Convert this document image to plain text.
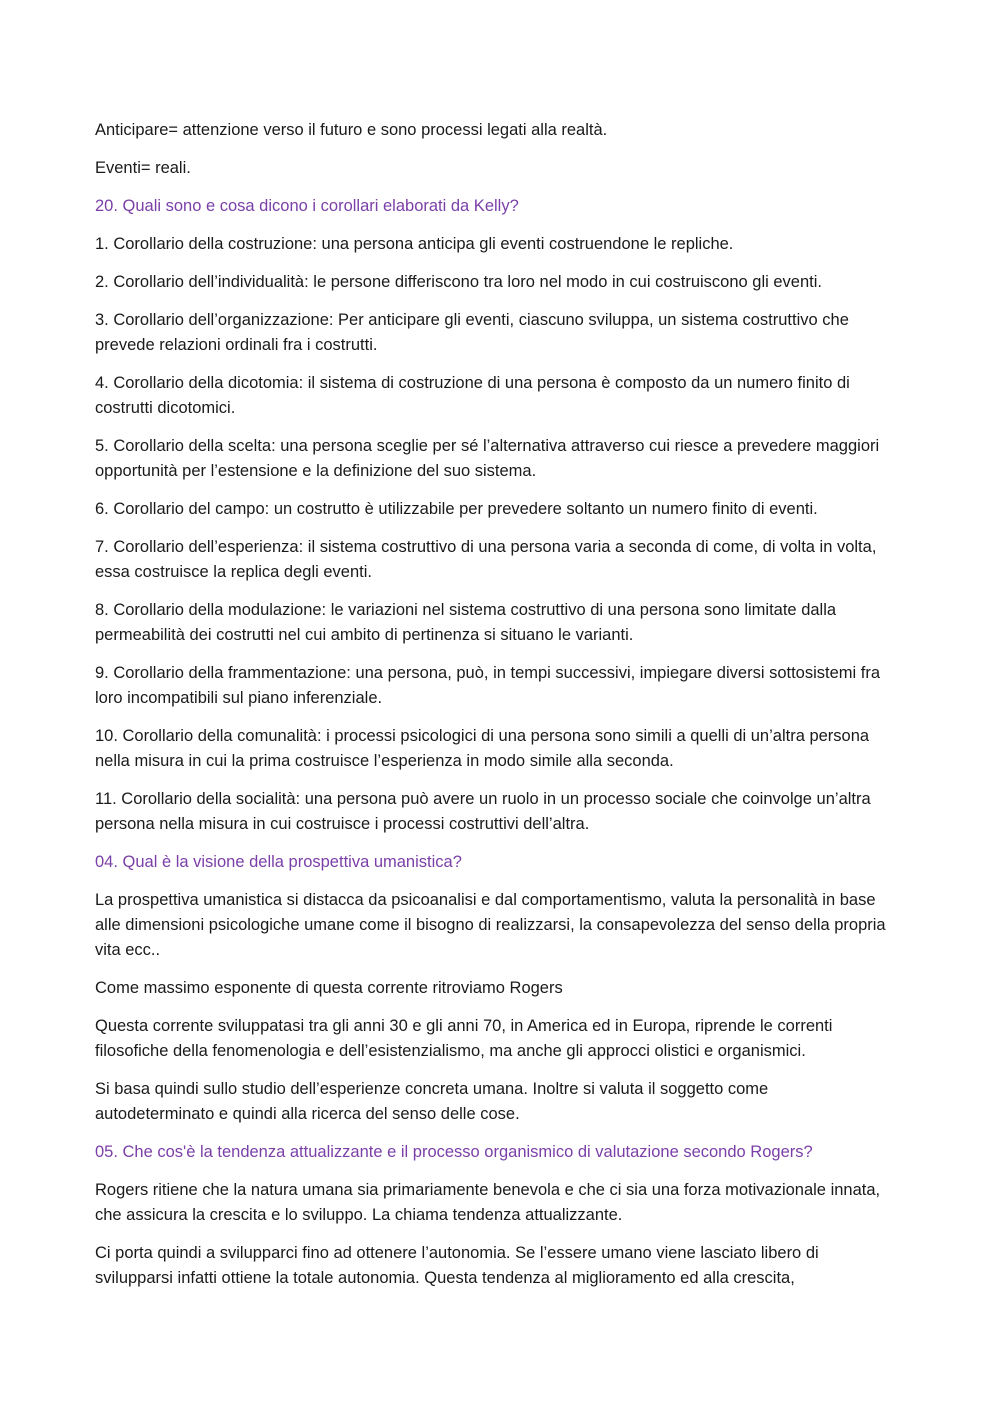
Anticipare= attenzione verso il futuro e sono processi legati alla realtà.

Eventi= reali.

20. Quali sono e cosa dicono i corollari elaborati da Kelly?

1. Corollario della costruzione: una persona anticipa gli eventi costruendone le repliche.

2. Corollario dell’individualità: le persone differiscono tra loro nel modo in cui costruiscono gli eventi.

3. Corollario dell’organizzazione: Per anticipare gli eventi, ciascuno sviluppa, un sistema costruttivo che
prevede relazioni ordinali fra i costrutti.

4. Corollario della dicotomia: il sistema di costruzione di una persona è composto da un numero finito di
costrutti dicotomici.

5. Corollario della scelta: una persona sceglie per sé l’alternativa attraverso cui riesce a prevedere maggiori
opportunità per l’estensione e la definizione del suo sistema.

6. Corollario del campo: un costrutto è utilizzabile per prevedere soltanto un numero finito di eventi.

7. Corollario dell’esperienza: il sistema costruttivo di una persona varia a seconda di come, di volta in volta,
essa costruisce la replica degli eventi.

8. Corollario della modulazione: le variazioni nel sistema costruttivo di una persona sono limitate dalla
permeabilità dei costrutti nel cui ambito di pertinenza si situano le varianti.

9. Corollario della frammentazione: una persona, può, in tempi successivi, impiegare diversi sottosistemi fra
loro incompatibili sul piano inferenziale.

10. Corollario della comunalità: i processi psicologici di una persona sono simili a quelli di un’altra persona
nella misura in cui la prima costruisce l’esperienza in modo simile alla seconda.

11. Corollario della socialità: una persona può avere un ruolo in un processo sociale che coinvolge un’altra
persona nella misura in cui costruisce i processi costruttivi dell’altra.

04. Qual è la visione della prospettiva umanistica?

La prospettiva umanistica si distacca da psicoanalisi e dal comportamentismo, valuta la personalità in base
alle dimensioni psicologiche umane come il bisogno di realizzarsi, la consapevolezza del senso della propria
vita ecc..

Come massimo esponente di questa corrente ritroviamo Rogers

Questa corrente sviluppatasi tra gli anni 30 e gli anni 70, in America ed in Europa, riprende le correnti
filosofiche della fenomenologia e dell’esistenzialismo, ma anche gli approcci olistici e organismici.

Si basa quindi sullo studio dell’esperienze concreta umana. Inoltre si valuta il soggetto come
autodeterminato e quindi alla ricerca del senso delle cose.

05. Che cos'è la tendenza attualizzante e il processo organismico di valutazione secondo Rogers?

Rogers ritiene che la natura umana sia primariamente benevola e che ci sia una forza motivazionale innata,
che assicura la crescita e lo sviluppo. La chiama tendenza attualizzante.

Ci porta quindi a svilupparci fino ad ottenere l’autonomia. Se l’essere umano viene lasciato libero di
svilupparsi infatti ottiene la totale autonomia. Questa tendenza al miglioramento ed alla crescita,
